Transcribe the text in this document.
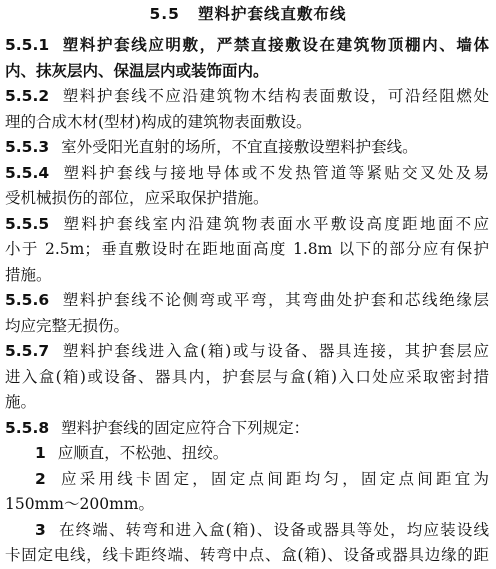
5.5 塑料护套线直敷布线
5.5.1 塑料护套线应明敷，严禁直接敷设在建筑物顶棚内、墙体
内、抹灰层内、保温层内或装饰面内。
5.5.2 塑料护套线不应沿建筑物木结构表面敷设，可沿经阻燃处
理的合成木材(型材)构成的建筑物表面敷设。
5.5.3 室外受阳光直射的场所，不宜直接敷设塑料护套线。
5.5.4 塑料护套线与接地导体或不发热管道等紧贴交叉处及易
受机械损伤的部位，应采取保护措施。
5.5.5 塑料护套线室内沿建筑物表面水平敷设高度距地面不应
小于 2.5m；垂直敷设时在距地面高度 1.8m 以下的部分应有保护
措施。
5.5.6 塑料护套线不论侧弯或平弯，其弯曲处护套和芯线绝缘层
均应完整无损伤。
5.5.7 塑料护套线进入盒(箱)或与设备、器具连接，其护套层应
进入盒(箱)或设备、器具内，护套层与盒(箱)入口处应采取密封措
施。
5.5.8 塑料护套线的固定应符合下列规定：
1 应顺直，不松弛、扭绞。
2 应采用线卡固定，固定点间距均匀，固定点间距宜为
150mm～200mm。
3 在终端、转弯和进入盒(箱)、设备或器具等处，均应装设线
卡固定电线，线卡距终端、转弯中点、盒(箱)、设备或器具边缘的距
